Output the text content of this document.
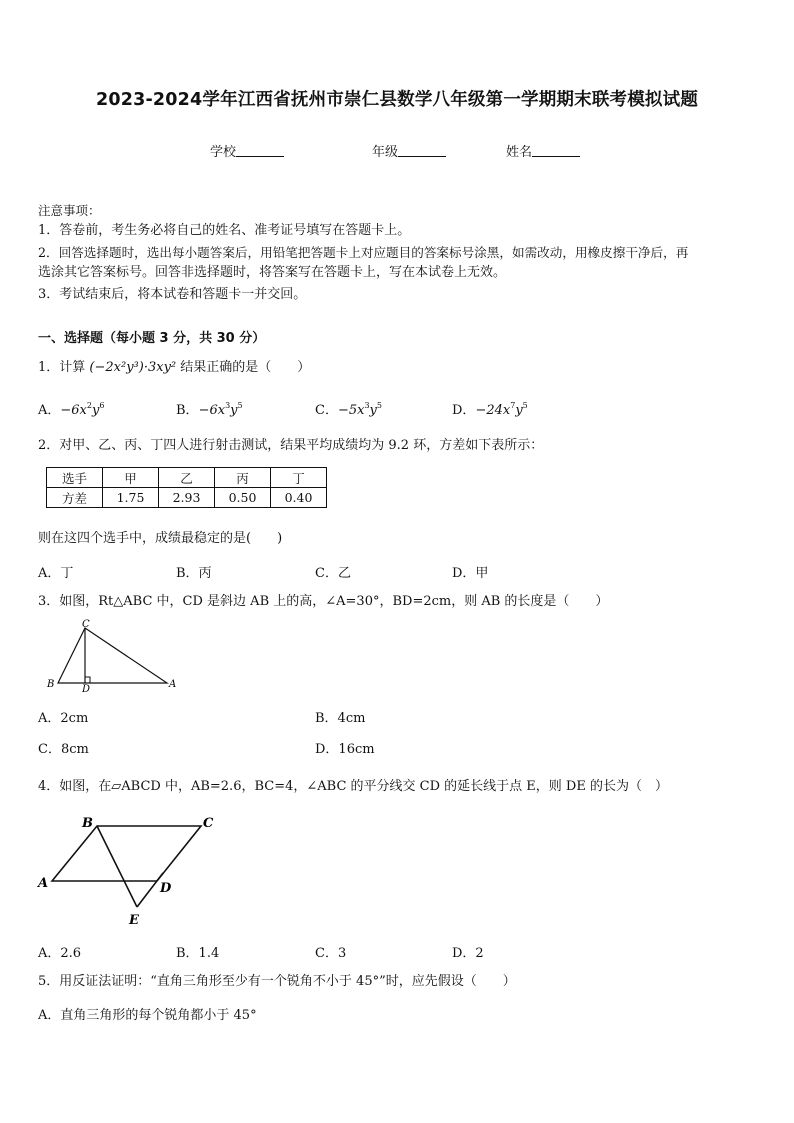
2023-2024学年江西省抚州市崇仁县数学八年级第一学期期末联考模拟试题
学校	年级	姓名
注意事项：
1．答卷前，考生务必将自己的姓名、准考证号填写在答题卡上。
2．回答选择题时，选出每小题答案后，用铅笔把答题卡上对应题目的答案标号涂黑，如需改动，用橡皮擦干净后，再
选涂其它答案标号。回答非选择题时，将答案写在答题卡上，写在本试卷上无效。
3．考试结束后，将本试卷和答题卡一并交回。
一、选择题（每小题 3 分，共 30 分）
1．计算 (−2x²y³)·3xy² 结果正确的是（　　）
A．$-6x^2y^6$	B．$-6x^3y^5$	C．$-5x^3y^5$	D．$-24x^7y^5$
2．对甲、乙、丙、丁四人进行射击测试，结果平均成绩均为 9.2 环，方差如下表所示：
选手	甲	乙	丙	丁
方差	1.75	2.93	0.50	0.40
则在这四个选手中，成绩最稳定的是(　　)
A．丁	B．丙	C．乙	D．甲
3．如图，Rt△ABC 中，CD 是斜边 AB 上的高，∠A=30°，BD=2cm，则 AB 的长度是（　　）
C
B	D	A
A．2cm	B．4cm
C．8cm	D．16cm
4．如图，在▱ABCD 中，AB=2.6，BC=4，∠ABC 的平分线交 CD 的延长线于点 E，则 DE 的长为（　）
B	C
A	D
E
A．2.6	B．1.4	C．3	D．2
5．用反证法证明：“直角三角形至少有一个锐角不小于 45°”时，应先假设（　　）
A．直角三角形的每个锐角都小于 45°
